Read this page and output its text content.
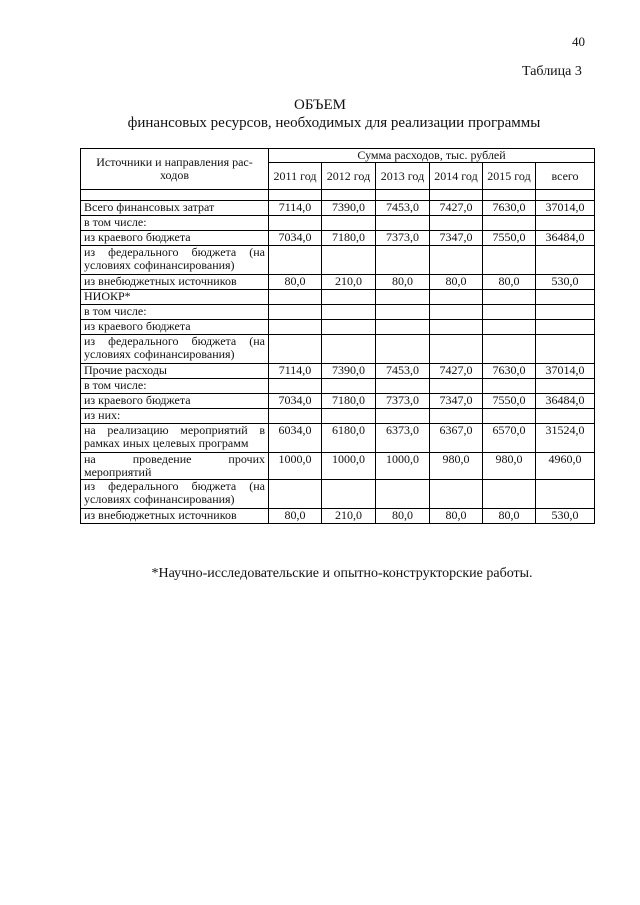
40
Таблица 3
ОБЪЕМ
финансовых ресурсов, необходимых для реализации программы
Источники и направления рас-ходов	Сумма расходов, тыс. рублей					
	2011 год	2012 год	2013 год	2014 год	2015 год	всего

Всего финансовых затрат	7114,0	7390,0	7453,0	7427,0	7630,0	37014,0
в том числе:						
из краевого бюджета	7034,0	7180,0	7373,0	7347,0	7550,0	36484,0
из федерального бюджета (на условиях софинансирования)						
из внебюджетных источников	80,0	210,0	80,0	80,0	80,0	530,0
НИОКР*						
в том числе:						
из краевого бюджета						
из федерального бюджета (на условиях софинансирования)						
Прочие расходы	7114,0	7390,0	7453,0	7427,0	7630,0	37014,0
в том числе:						
из краевого бюджета	7034,0	7180,0	7373,0	7347,0	7550,0	36484,0
из них:						
на реализацию мероприятий в рамках иных целевых программ	6034,0	6180,0	6373,0	6367,0	6570,0	31524,0
на проведение прочих мероприятий	1000,0	1000,0	1000,0	980,0	980,0	4960,0
из федерального бюджета (на условиях софинансирования)						
из внебюджетных источников	80,0	210,0	80,0	80,0	80,0	530,0
*Научно-исследовательские и опытно-конструкторские работы.
